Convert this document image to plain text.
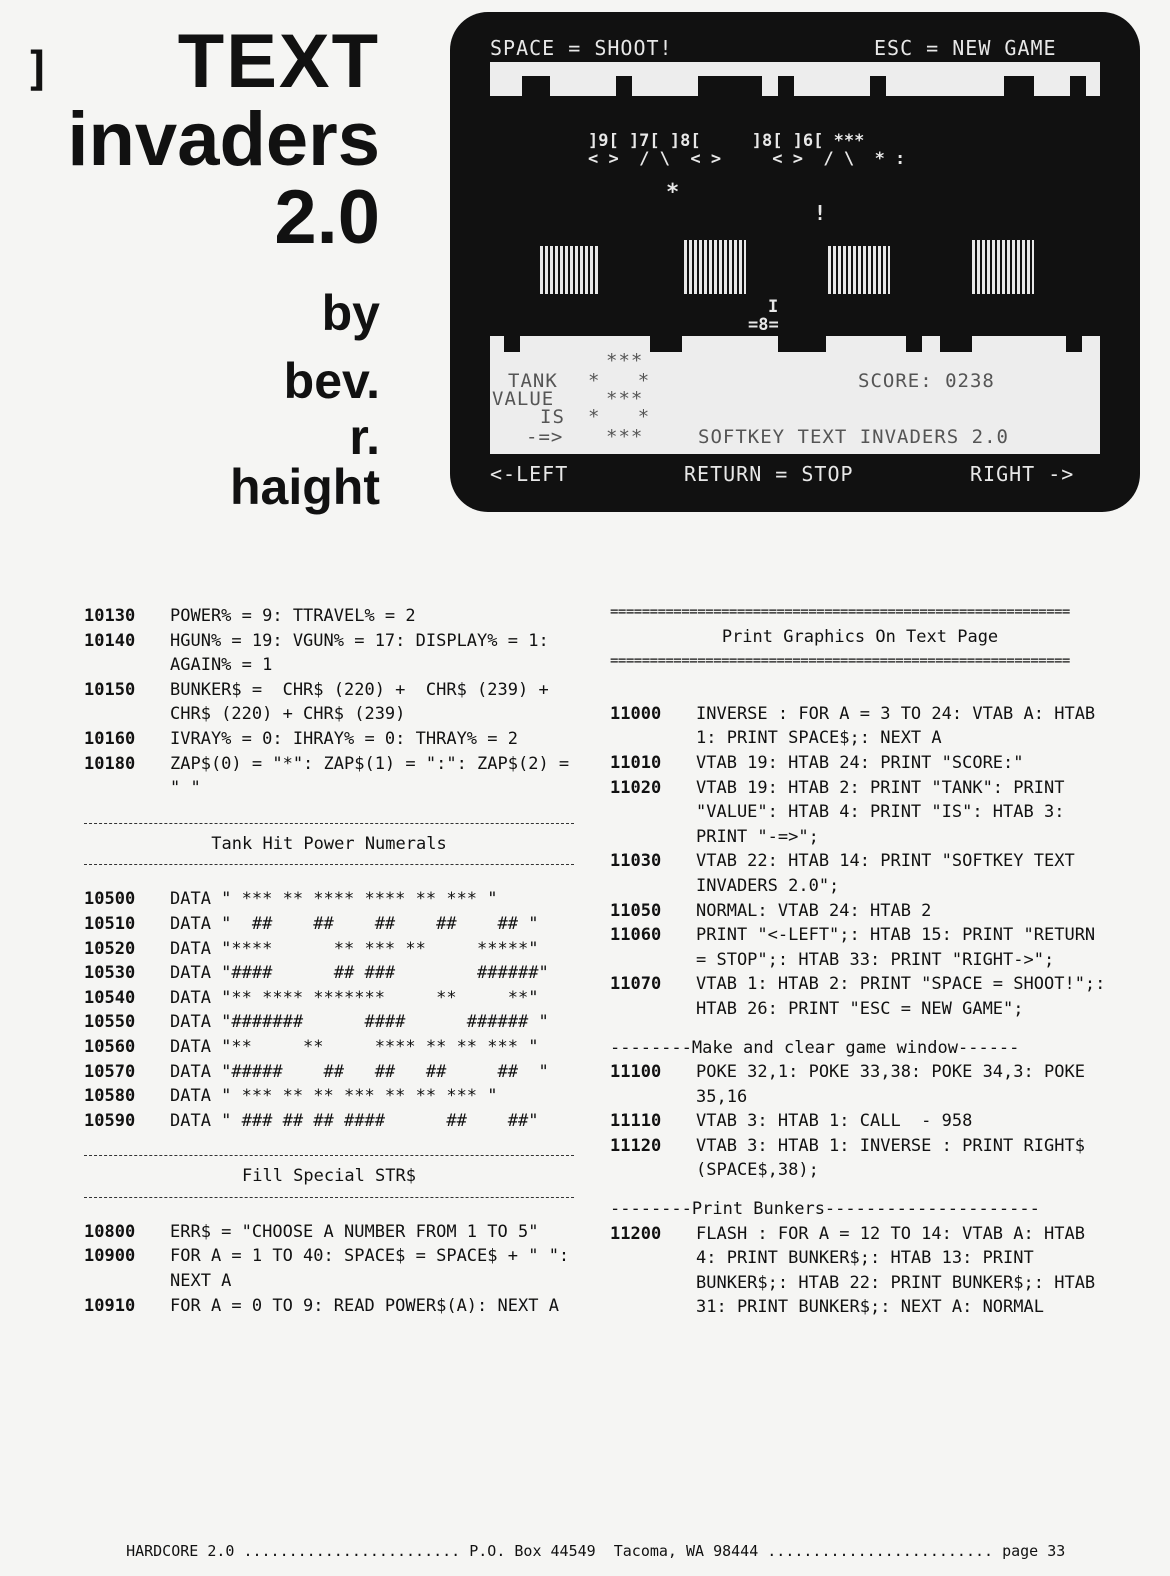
] TEXT
invaders
2.0
by
bev.
r.
haight
SPACE = SHOOT!	ESC = NEW GAME
]9[ ]7[ ]8[     ]8[ ]6[ ***
< >  / \  < >     < >  / \  * :
*
!
I
=8=
***
TANK *   *
VALUE	***
IS *   *
-=> ***
SCORE: 0238
SOFTKEY TEXT INVADERS 2.0
<-LEFT	RETURN = STOP	RIGHT ->
10130	POWER% = 9: TTRAVEL% = 2
10140	HGUN% = 19: VGUN% = 17: DISPLAY% = 1: AGAIN% = 1
10150	BUNKER$ =  CHR$ (220) +  CHR$ (239) + CHR$ (220) + CHR$ (239)
10160	IVRAY% = 0: IHRAY% = 0: THRAY% = 2
10180	ZAP$(0) = "*": ZAP$(1) = ":": ZAP$(2) = " "
Tank Hit Power Numerals
10500	DATA " *** ** **** **** ** *** "
10510	DATA "  ##    ##    ##    ##    ## "
10520	DATA "****      ** *** **     *****"
10530	DATA "####      ## ###        ######"
10540	DATA "** **** *******     **     **"
10550	DATA "#######      ####      ###### "
10560	DATA "**     **     **** ** ** *** "
10570	DATA "#####    ##   ##   ##     ##  "
10580	DATA " *** ** ** *** ** ** *** "
10590	DATA " ### ## ## ####      ##    ##"
Fill Special STR$
10800	ERR$ = "CHOOSE A NUMBER FROM 1 TO 5"
10900	FOR A = 1 TO 40: SPACE$ = SPACE$ + " ": NEXT A
10910	FOR A = 0 TO 9: READ POWER$(A): NEXT A
==========================================================
Print Graphics On Text Page
==========================================================
11000	INVERSE : FOR A = 3 TO 24: VTAB A: HTAB 1: PRINT SPACE$;: NEXT A
11010	VTAB 19: HTAB 24: PRINT "SCORE:"
11020	VTAB 19: HTAB 2: PRINT "TANK": PRINT "VALUE": HTAB 4: PRINT "IS": HTAB 3: PRINT "-=>";
11030	VTAB 22: HTAB 14: PRINT "SOFTKEY TEXT INVADERS 2.0";
11050	NORMAL: VTAB 24: HTAB 2
11060	PRINT "<-LEFT";: HTAB 15: PRINT "RETURN = STOP";: HTAB 33: PRINT "RIGHT->";
11070	VTAB 1: HTAB 2: PRINT "SPACE = SHOOT!";: HTAB 26: PRINT "ESC = NEW GAME";
--------Make and clear game window------
11100	POKE 32,1: POKE 33,38: POKE 34,3: POKE 35,16
11110	VTAB 3: HTAB 1: CALL  - 958
11120	VTAB 3: HTAB 1: INVERSE : PRINT RIGHT$ (SPACE$,38);
--------Print Bunkers---------------------
11200	FLASH : FOR A = 12 TO 14: VTAB A: HTAB 4: PRINT BUNKER$;: HTAB 13: PRINT BUNKER$;: HTAB 22: PRINT BUNKER$;: HTAB 31: PRINT BUNKER$;: NEXT A: NORMAL

HARDCORE 2.0 ........................ P.O. Box 44549  Tacoma, WA 98444 ......................... page 33
